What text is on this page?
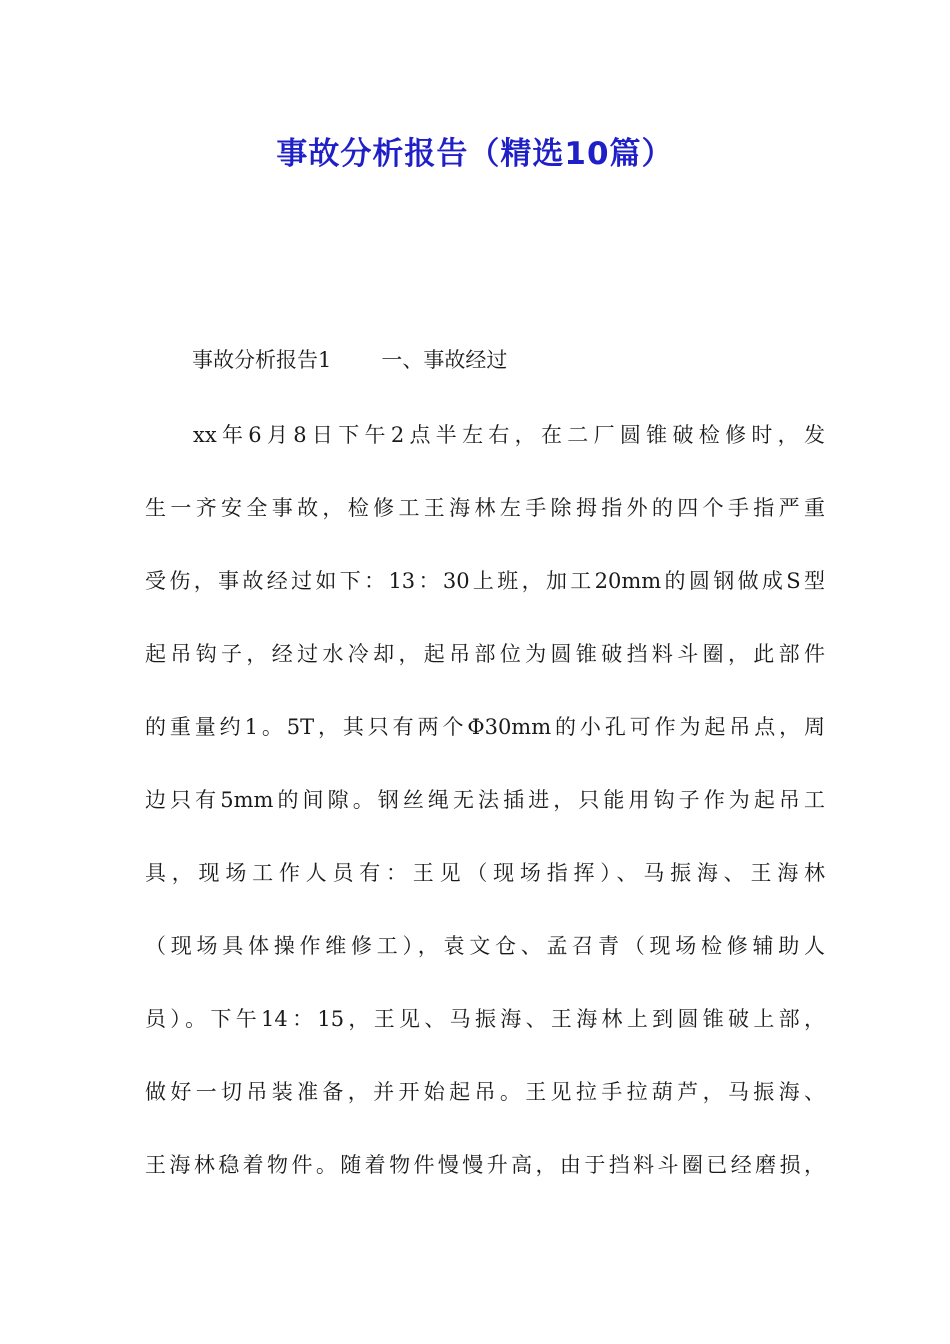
事故分析报告（精选10篇）
事故分析报告1 一、事故经过
xx年6月8日下午2点半左右，在二厂圆锥破检修时，发
生一齐安全事故，检修工王海林左手除拇指外的四个手指严重
受伤，事故经过如下：13：30上班，加工20mm的圆钢做成S型
起吊钩子，经过水冷却，起吊部位为圆锥破挡料斗圈，此部件
的重量约1。5T，其只有两个Φ30mm的小孔可作为起吊点，周
边只有5mm的间隙。钢丝绳无法插进，只能用钩子作为起吊工
具，现场工作人员有：王见（现场指挥）、马振海、王海林
（现场具体操作维修工），袁文仓、孟召青（现场检修辅助人
员）。下午14：15，王见、马振海、王海林上到圆锥破上部，
做好一切吊装准备，并开始起吊。王见拉手拉葫芦，马振海、
王海林稳着物件。随着物件慢慢升高，由于挡料斗圈已经磨损，
